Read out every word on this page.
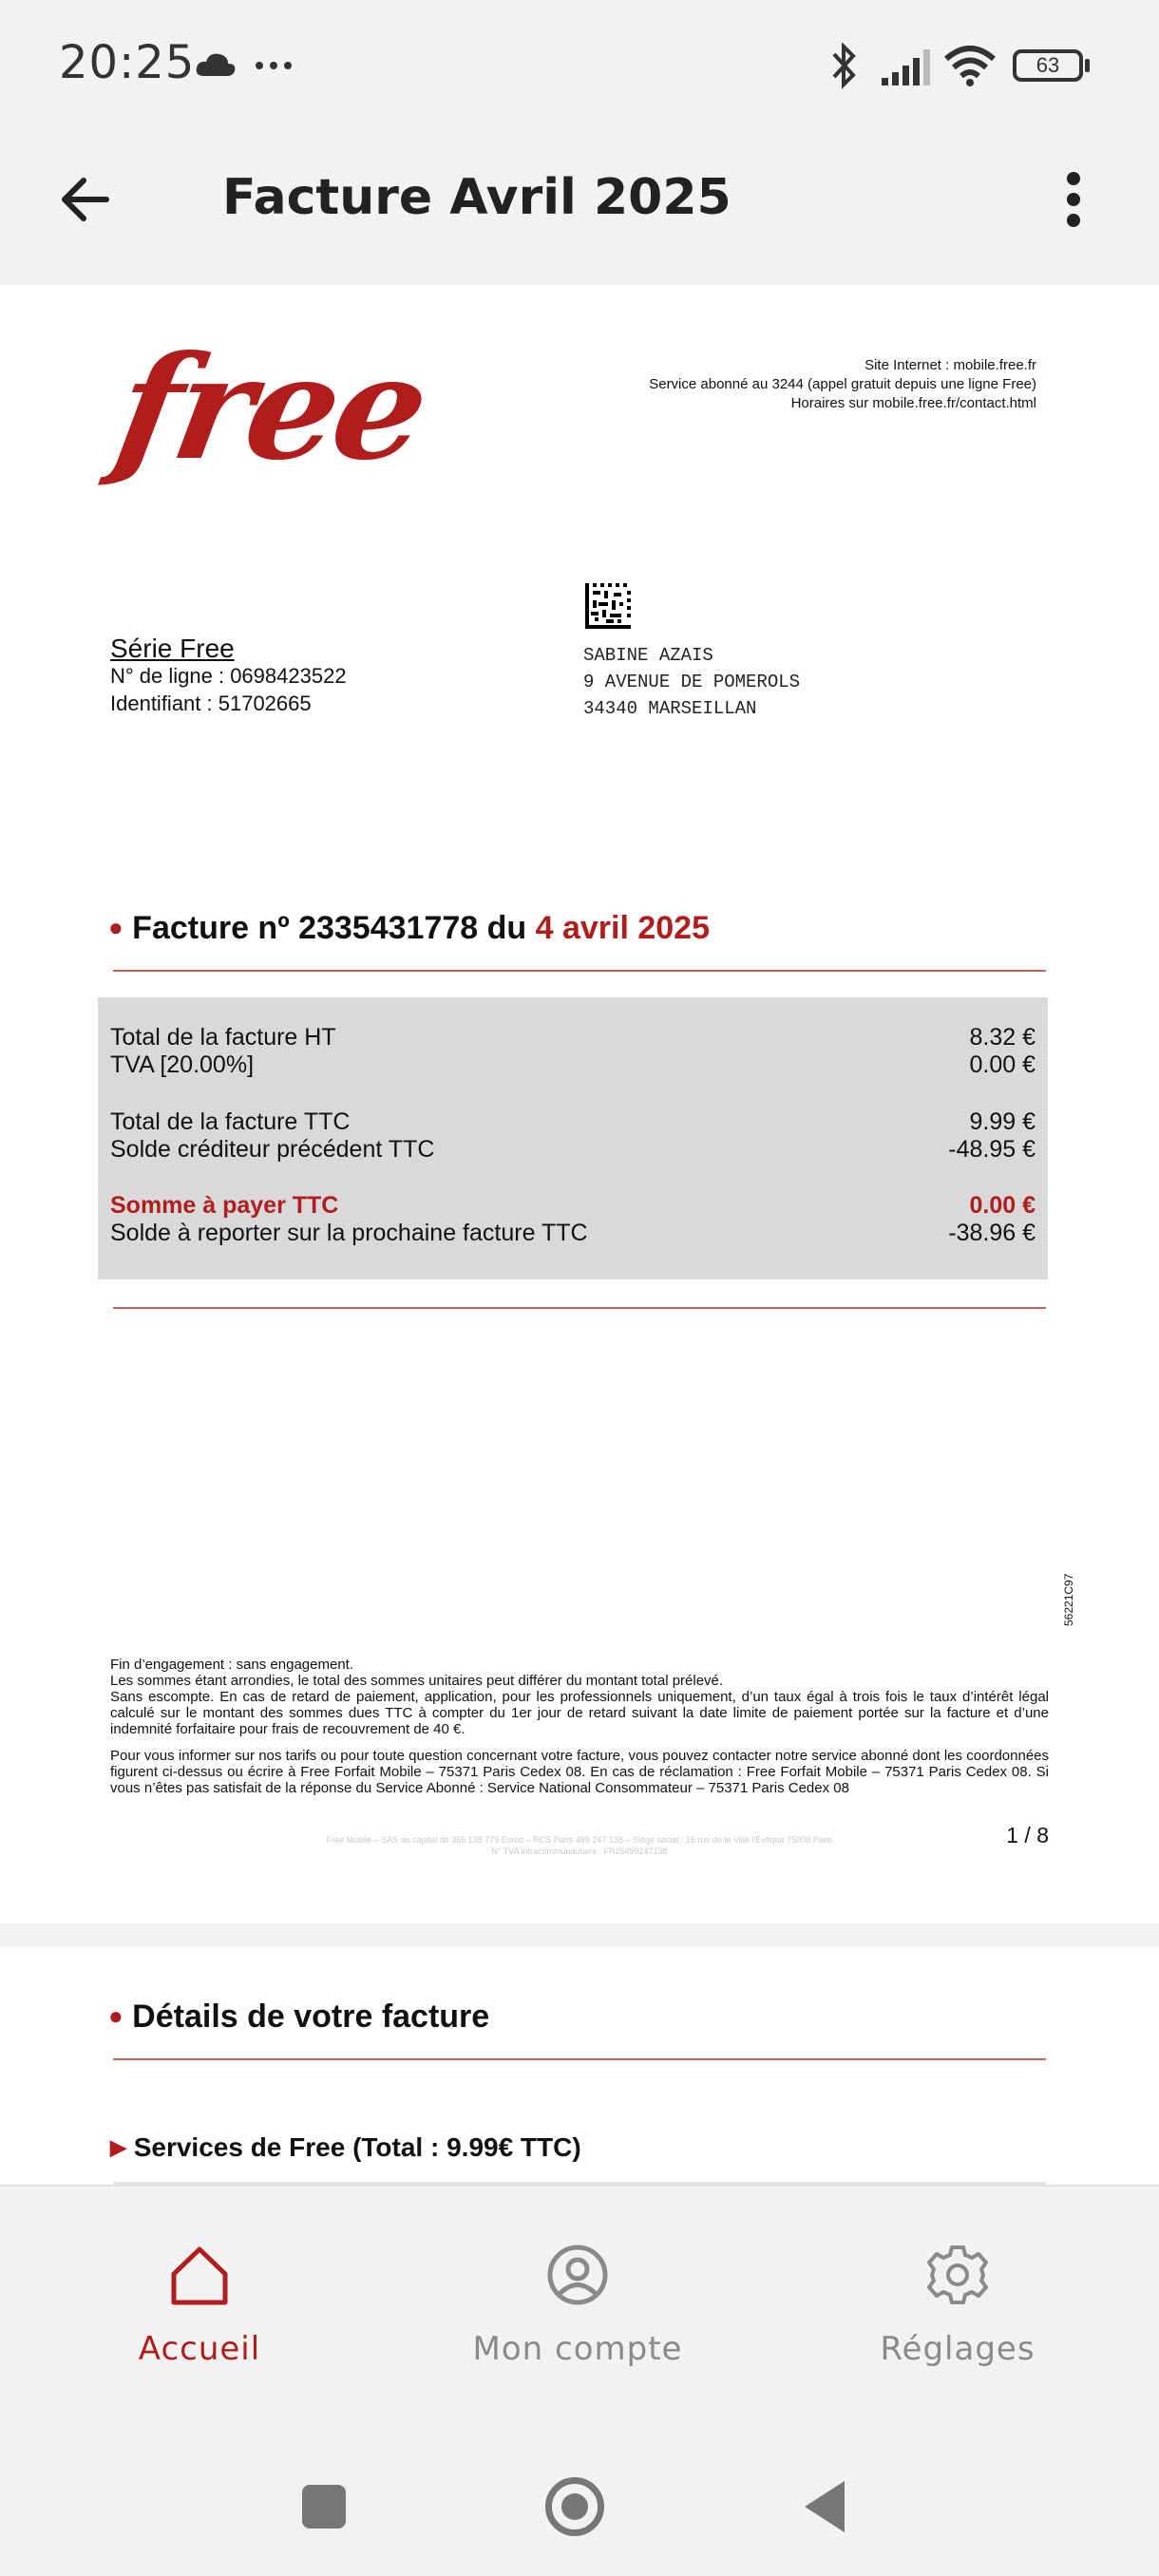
20:25	63
Facture Avril 2025
free	Site Internet : mobile.free.fr
Service abonné au 3244 (appel gratuit depuis une ligne Free)
Horaires sur mobile.free.fr/contact.html
Série Free
N° de ligne : 0698423522
Identifiant : 51702665
SABINE AZAIS
9 AVENUE DE POMEROLS
34340 MARSEILLAN
● Facture nº 2335431778 du 4 avril 2025
Total de la facture HT	8.32 €
TVA [20.00%]	0.00 €
Total de la facture TTC	9.99 €
Solde créditeur précédent TTC	-48.95 €
Somme à payer TTC	0.00 €
Solde à reporter sur la prochaine facture TTC	-38.96 €
56221C97
Fin d’engagement : sans engagement.
Les sommes étant arrondies, le total des sommes unitaires peut différer du montant total prélevé.
Sans escompte. En cas de retard de paiement, application, pour les professionnels uniquement, d’un taux égal à trois fois le taux d’intérêt légal calculé sur le montant des sommes dues TTC à compter du 1er jour de retard suivant la date limite de paiement portée sur la facture et d’une indemnité forfaitaire pour frais de recouvrement de 40 €.
Pour vous informer sur nos tarifs ou pour toute question concernant votre facture, vous pouvez contacter notre service abonné dont les coordonnées figurent ci-dessus ou écrire à Free Forfait Mobile – 75371 Paris Cedex 08. En cas de réclamation : Free Forfait Mobile – 75371 Paris Cedex 08. Si vous n’êtes pas satisfait de la réponse du Service Abonné : Service National Consommateur – 75371 Paris Cedex 08
Free Mobile – SAS au capital de 365 138 779 Euros – RCS Paris 499 247 138 – Siège social : 16 rue de la Ville l’Évêque 75008 Paris
N° TVA intracommunautaire : FR25499247138
1 / 8
● Détails de votre facture
▶ Services de Free (Total : 9.99€ TTC)
Accueil	Mon compte	Réglages
